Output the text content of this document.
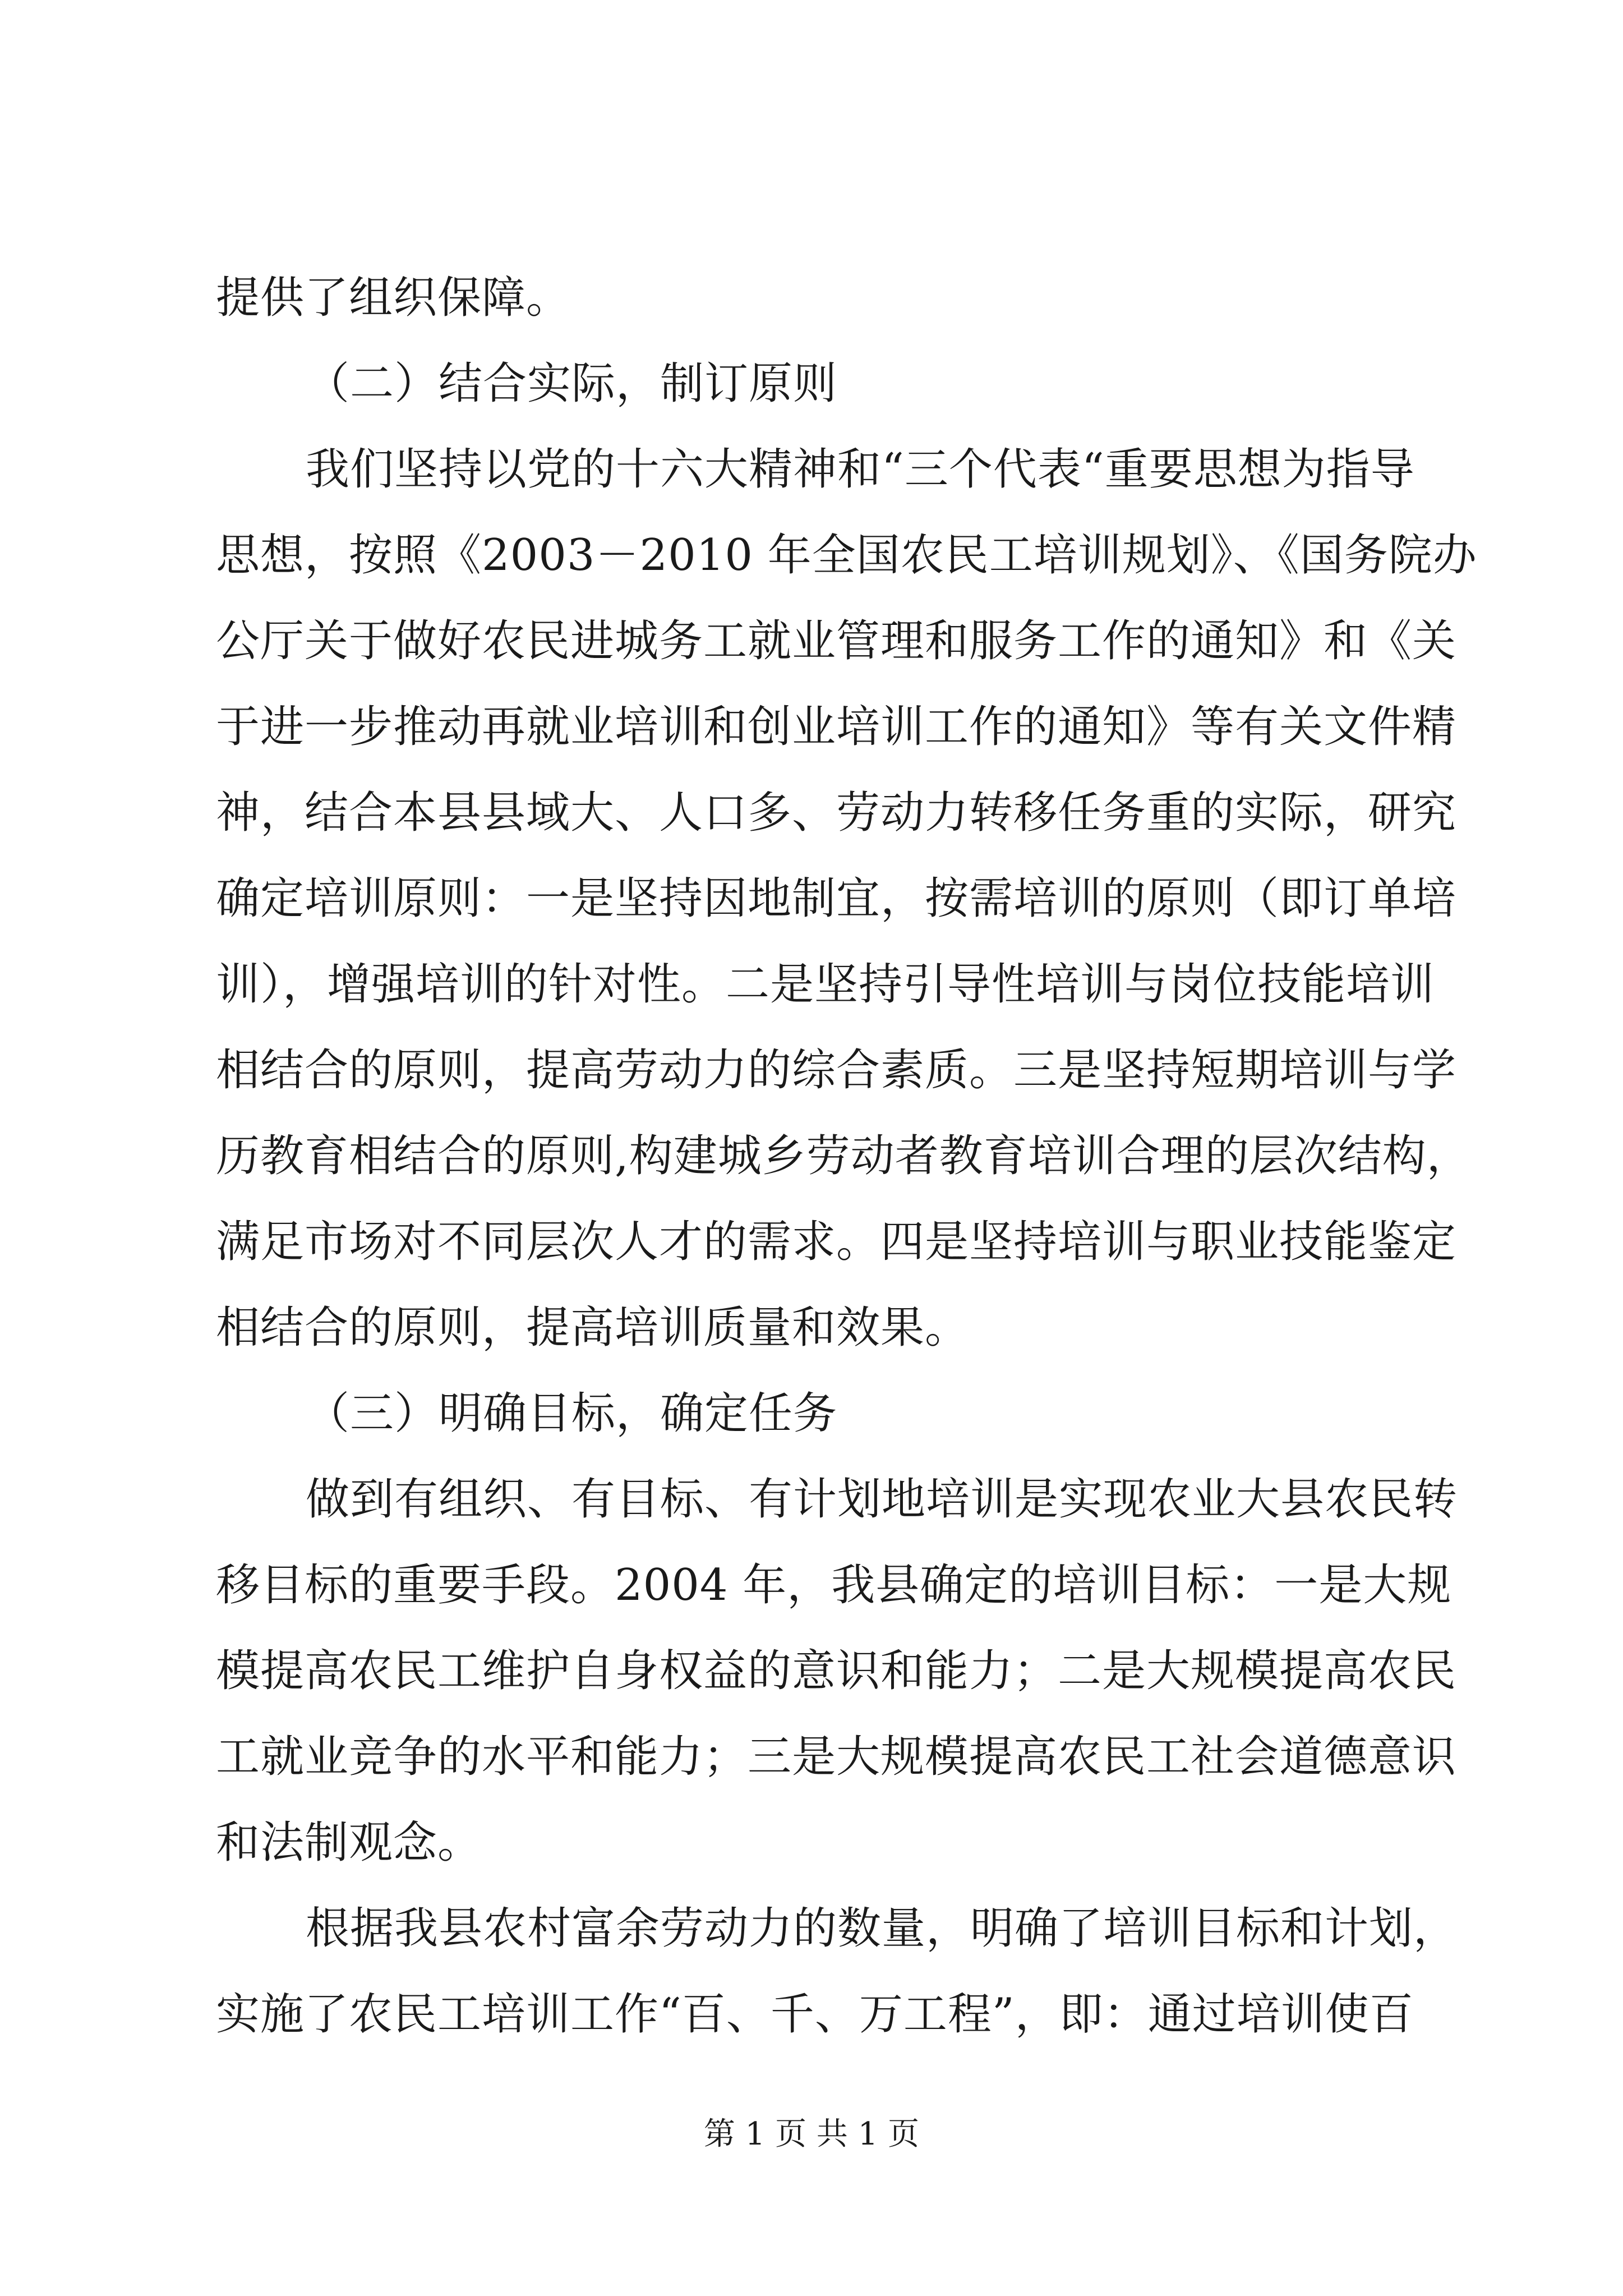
提供了组织保障。
（二）结合实际，制订原则
我们坚持以党的十六大精神和“三个代表“重要思想为指导
思想，按照《2003－2010 年全国农民工培训规划》、《国务院办
公厅关于做好农民进城务工就业管理和服务工作的通知》和《关
于进一步推动再就业培训和创业培训工作的通知》等有关文件精
神，结合本县县域大、人口多、劳动力转移任务重的实际，研究
确定培训原则：一是坚持因地制宜，按需培训的原则（即订单培
训），增强培训的针对性。二是坚持引导性培训与岗位技能培训
相结合的原则，提高劳动力的综合素质。三是坚持短期培训与学
历教育相结合的原则,构建城乡劳动者教育培训合理的层次结构，
满足市场对不同层次人才的需求。四是坚持培训与职业技能鉴定
相结合的原则，提高培训质量和效果。
（三）明确目标，确定任务
做到有组织、有目标、有计划地培训是实现农业大县农民转
移目标的重要手段。2004 年，我县确定的培训目标：一是大规
模提高农民工维护自身权益的意识和能力；二是大规模提高农民
工就业竞争的水平和能力；三是大规模提高农民工社会道德意识
和法制观念。
根据我县农村富余劳动力的数量，明确了培训目标和计划，
实施了农民工培训工作“百、千、万工程”，即：通过培训使百
第 1 页 共 1 页
